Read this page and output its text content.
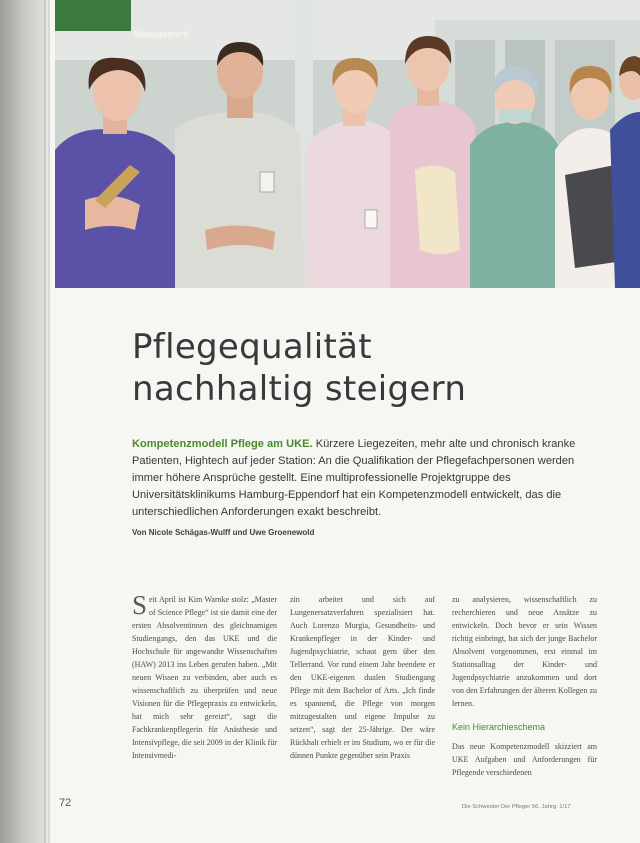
Management
Pflegequalität
nachhaltig steigern

Kompetenzmodell Pflege am UKE. Kürzere Liegezeiten, mehr alte und chronisch kranke Patienten, Hightech auf jeder Station: An die Qualifikation der Pflegefachpersonen werden immer höhere Ansprüche gestellt. Eine multiprofessionelle Projektgruppe des Universitätsklinikums Hamburg-Eppendorf hat ein Kompetenzmodell entwickelt, das die unterschiedlichen Anforderungen exakt beschreibt.

Von Nicole Schägas-Wulff und Uwe Groenewold
Seit April ist Kim Warnke stolz: „Master of Science Pflege“ ist sie damit eine der ersten Absolventinnen des gleichnamigen Studiengangs, den das UKE und die Hochschule für angewandte Wissenschaften (HAW) 2013 ins Leben gerufen haben. „Mit neuen Wissen zu verbinden, aber auch es wissenschaftlich zu überprüfen und neue Visionen für die Pflegepraxis zu entwickeln, hat mich sehr gereizt“, sagt die Fachkrankenpflegerin für Anästhesie und Intensivpflege, die seit 2009 in der Klinik für Intensivmedi-
zin arbeitet und sich auf Lungenersatzverfahren spezialisiert hat. Auch Lorenzo Murgia, Gesundheits- und Krankenpfleger in der Kinder- und Jugendpsychiatrie, schaut gern über den Tellerrand. Vor rund einem Jahr beendete er den UKE-eigenen dualen Studiengang Pflege mit dem Bachelor of Arts. „Ich finde es spannend, die Pflege von morgen mitzugestalten und eigene Impulse zu setzen“, sagt der 25-Jährige. Der wäre Rückhalt erhielt er im Studium, wo er für die dünnen Punkte gegenüber sein Praxis
zu analysieren, wissenschaftlich zu recherchieren und neue Ansätze zu entwickeln. Doch bevor er sein Wissen richtig einbringt, hat sich der junge Bachelor Absolvent vorgenommen, erst einmal im Stationsalltag der Kinder- und Jugendpsychiatrie anzukommen und dort von den Erfahrungen der älteren Kollegen zu lernen.
Kein Hierarchieschema
Das neue Kompetenzmodell skizziert am UKE Aufgaben und Anforderungen für Pflegende verschiedenen
72	Die Schwester Der Pfleger 56. Jahrg. 1/17
